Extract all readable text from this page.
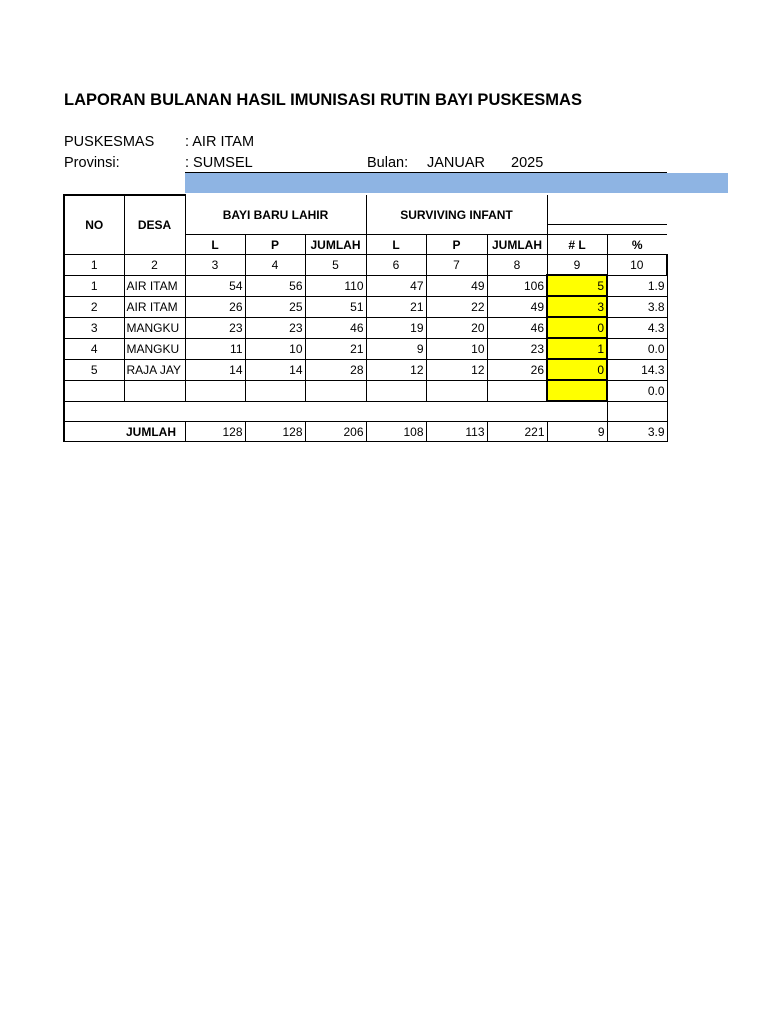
LAPORAN BULANAN HASIL IMUNISASI RUTIN BAYI PUSKESMAS
PUSKESMAS : AIR ITAM
Provinsi:	: SUMSEL	Bulan: JANUAR 2025
NO	DESA	BAYI BARU LAHIR			SURVIVING INFANT				

		L	P	JUMLAH	L	P	JUMLAH	# L	%
1	2	3	4	5	6	7	8	9	10
1	AIR ITAM	54	56	110	47	49	106	5	1.9
2	AIR ITAM	26	25	51	21	22	49	3	3.8
3	MANGKU	23	23	46	19	20	46	0	4.3
4	MANGKU	11	10	21	9	10	23	1	0.0
5	RAJA JAY	14	14	28	12	12	26	0	14.3
									0.0

	JUMLAH	128	128	206	108	113	221	9	3.9
